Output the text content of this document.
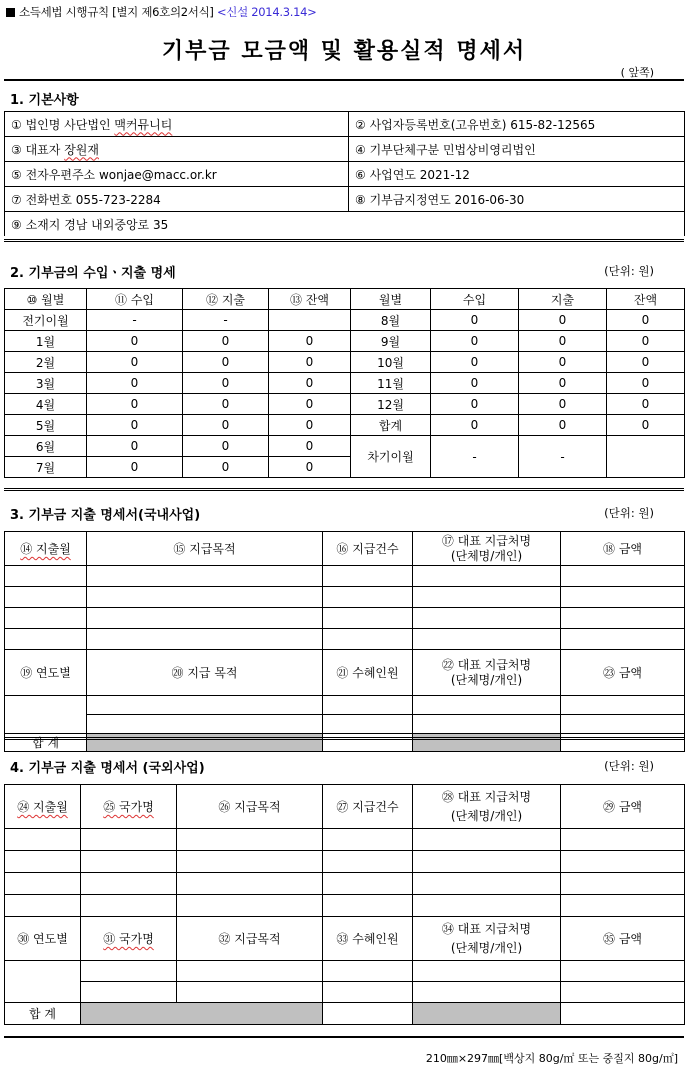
소득세법 시행규칙 [별지 제6호의2서식] <신설 2014.3.14>
기부금 모금액 및 활용실적 명세서
( 앞쪽)
1. 기본사항
① 법인명 사단법인 맥커뮤니티	② 사업자등록번호(고유번호) 615-82-12565
③ 대표자 장원재	④ 기부단체구분 민법상비영리법인
⑤ 전자우편주소 wonjae@macc.or.kr	⑥ 사업연도 2021-12
⑦ 전화번호 055-723-2284	⑧ 기부금지정연도 2016-06-30
⑨ 소재지 경남 내외중앙로 35	
2. 기부금의 수입ㆍ지출 명세	(단위: 원)
⑩ 월별	⑪ 수입	⑫ 지출	⑬ 잔액	월별	수입	지출	잔액
전기이월	-	-		8월	0	0	0
1월	0	0	0	9월	0	0	0
2월	0	0	0	10월	0	0	0
3월	0	0	0	11월	0	0	0
4월	0	0	0	12월	0	0	0
5월	0	0	0	합계	0	0	0
6월	0	0	0	차기이월	-	-	
7월	0	0	0				
3. 기부금 지출 명세서(국내사업)	(단위: 원)
⑭ 지출월	⑮ 지급목적	⑯ 지급건수	⑰ 대표 지급처명
(단체명/개인)	⑱ 금액

⑲ 연도별	⑳ 지급 목적	㉑ 수혜인원	㉒ 대표 지급처명
(단체명/개인)	㉓ 금액

합 계				
4. 기부금 지출 명세서 (국외사업)	(단위: 원)
㉔ 지출월	㉕ 국가명	㉖ 지급목적	㉗ 지급건수	㉘ 대표 지급처명
(단체명/개인)	㉙ 금액

㉚ 연도별	㉛ 국가명	㉜ 지급목적	㉝ 수혜인원	㉞ 대표 지급처명
(단체명/개인)	㉟ 금액

합 계					
210㎜×297㎜[백상지 80g/㎡ 또는 중질지 80g/㎡]
